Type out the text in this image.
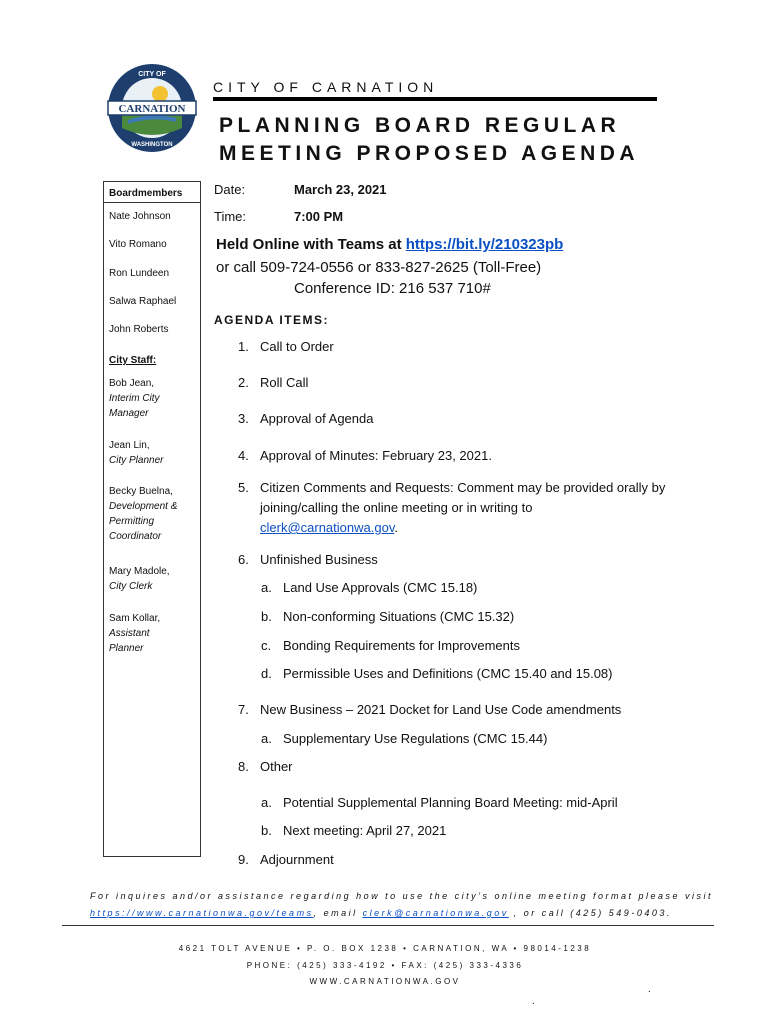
CARNATION
CITY OF
WASHINGTON
CITY OF CARNATION
PLANNING BOARD REGULAR
MEETING PROPOSED AGENDA
Boardmembers
Nate Johnson
Vito Romano
Ron Lundeen
Salwa Raphael
John Roberts
City Staff:
Bob Jean,
Interim City
Manager
Jean Lin,
City Planner
Becky Buelna,
Development &
Permitting
Coordinator
Mary Madole,
City Clerk
Sam Kollar,
Assistant
Planner
Date:	March 23, 2021
Time:	7:00 PM
Held Online with Teams at https://bit.ly/210323pb
or call 509-724-0556 or 833-827-2625 (Toll-Free)
Conference ID: 216 537 710#
AGENDA ITEMS:
1. Call to Order
2. Roll Call
3. Approval of Agenda
4. Approval of Minutes: February 23, 2021.
5. Citizen Comments and Requests: Comment may be provided orally by
joining/calling the online meeting or in writing to
clerk@carnationwa.gov.
6. Unfinished Business
a. Land Use Approvals (CMC 15.18)
b. Non-conforming Situations (CMC 15.32)
c. Bonding Requirements for Improvements
d. Permissible Uses and Definitions (CMC 15.40 and 15.08)
7. New Business – 2021 Docket for Land Use Code amendments
a. Supplementary Use Regulations (CMC 15.44)
8. Other
a. Potential Supplemental Planning Board Meeting: mid-April
b. Next meeting: April 27, 2021
9. Adjournment
For inquires and/or assistance regarding how to use the city’s online meeting format please visit
https://www.carnationwa.gov/teams, email clerk@carnationwa.gov , or call (425) 549-0403.
4621 TOLT AVENUE • P. O. BOX 1238 • CARNATION, WA • 98014-1238
PHONE: (425) 333-4192 • FAX: (425) 333-4336
WWW.CARNATIONWA.GOV
.
.
